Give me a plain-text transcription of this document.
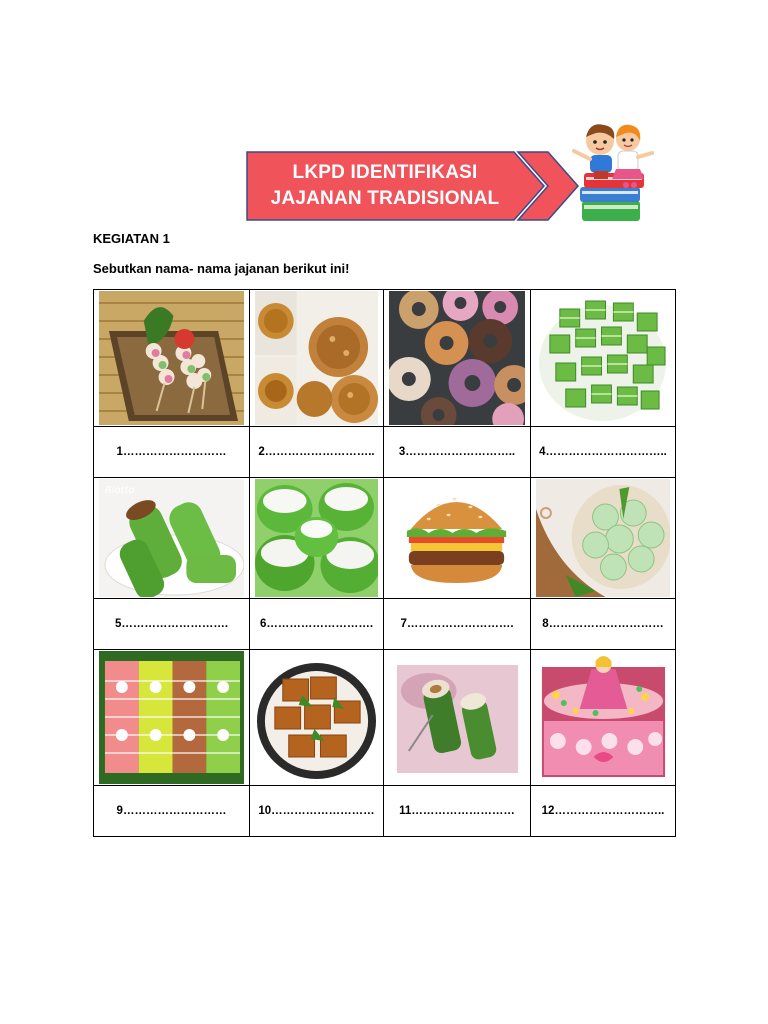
LKPD IDENTIFIKASI
JAJANAN TRADISIONAL
KEGIATAN 1
Sebutkan nama- nama jajanan berikut ini!

1………………………	2………………………..	3………………………..	4…………………………..

Riotto

5……………………….	6……………………….	7……………………….	8…………………………

9………………………	10………………………	11………………………	12………………………..
